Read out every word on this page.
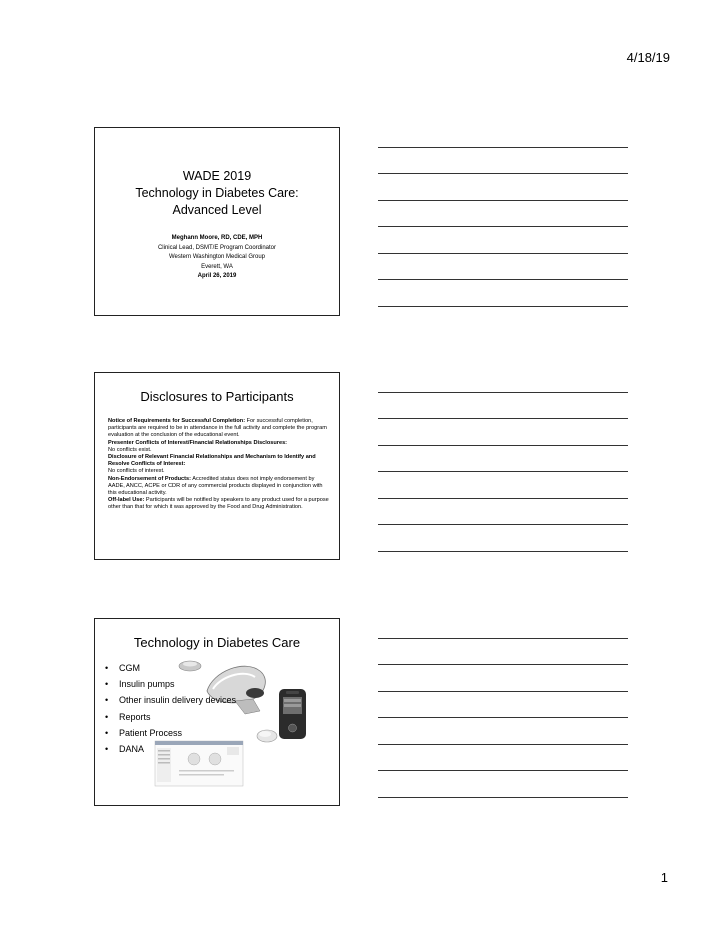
4/18/19
WADE 2019
Technology in Diabetes Care:
Advanced Level
Meghann Moore, RD, CDE, MPH
Clinical Lead, DSMT/E Program Coordinator
Western Washington Medical Group
Everett, WA
April 26, 2019
Disclosures to Participants
Notice of Requirements for Successful Completion: For successful completion, participants are required to be in attendance in the full activity and complete the program evaluation at the conclusion of the educational event.
Presenter Conflicts of Interest/Financial Relationships Disclosures:
No conflicts exist.
Disclosure of Relevant Financial Relationships and Mechanism to Identify and Resolve Conflicts of Interest:
No conflicts of interest.
Non-Endorsement of Products: Accredited status does not imply endorsement by AADE, ANCC, ACPE or CDR of any commercial products displayed in conjunction with this educational activity.
Off-label Use: Participants will be notified by speakers to any product used for a purpose other than that for which it was approved by the Food and Drug Administration.
Technology in Diabetes Care
• CGM
• Insulin pumps
• Other insulin delivery devices
• Reports
• Patient Process
• DANA
1
